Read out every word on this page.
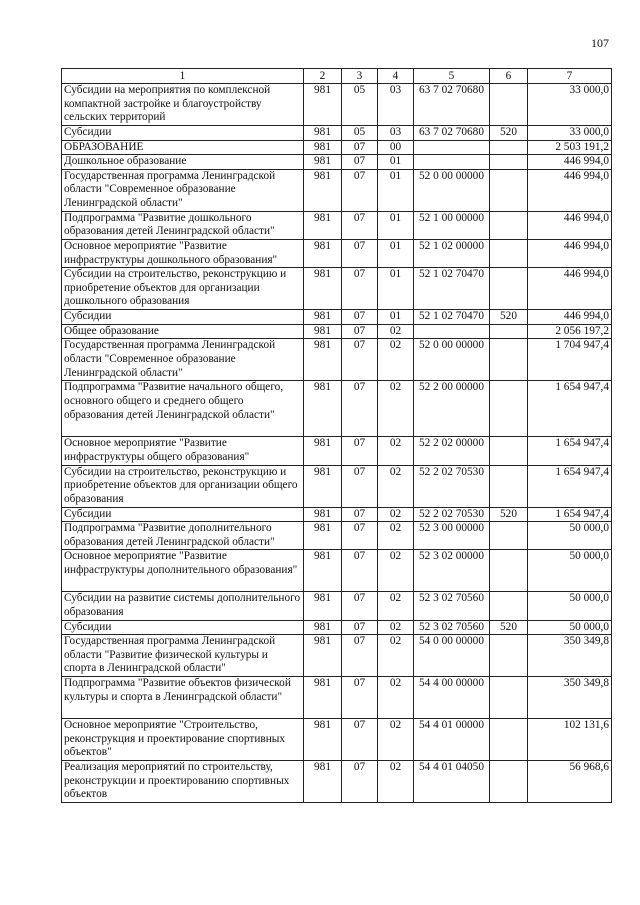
107
1	2	3	4	5	6	7
Субсидии на мероприятия по комплексной компактной застройке и благоустройству сельских территорий	981	05	03	63 7 02 70680		33 000,0
Субсидии	981	05	03	63 7 02 70680	520	33 000,0
ОБРАЗОВАНИЕ	981	07	00			2 503 191,2
Дошкольное образование	981	07	01			446 994,0
Государственная программа Ленинградской области "Современное образование Ленинградской области"	981	07	01	52 0 00 00000		446 994,0
Подпрограмма "Развитие дошкольного образования детей Ленинградской области"	981	07	01	52 1 00 00000		446 994,0
Основное мероприятие "Развитие инфраструктуры дошкольного образования"	981	07	01	52 1 02 00000		446 994,0
Субсидии на строительство, реконструкцию и приобретение объектов для организации дошкольного образования	981	07	01	52 1 02 70470		446 994,0
Субсидии	981	07	01	52 1 02 70470	520	446 994,0
Общее образование	981	07	02			2 056 197,2
Государственная программа Ленинградской области "Современное образование Ленинградской области"	981	07	02	52 0 00 00000		1 704 947,4
Подпрограмма "Развитие начального общего, основного общего и среднего общего образования детей Ленинградской области"	981	07	02	52 2 00 00000		1 654 947,4
Основное мероприятие "Развитие инфраструктуры общего образования"	981	07	02	52 2 02 00000		1 654 947,4
Субсидии на строительство, реконструкцию и приобретение объектов для организации общего образования	981	07	02	52 2 02 70530		1 654 947,4
Субсидии	981	07	02	52 2 02 70530	520	1 654 947,4
Подпрограмма "Развитие дополнительного образования детей Ленинградской области"	981	07	02	52 3 00 00000		50 000,0
Основное мероприятие "Развитие инфраструктуры дополнительного образования"	981	07	02	52 3 02 00000		50 000,0
Субсидии на развитие системы дополнительного образования	981	07	02	52 3 02 70560		50 000,0
Субсидии	981	07	02	52 3 02 70560	520	50 000,0
Государственная программа Ленинградской области "Развитие физической культуры и спорта в Ленинградской области"	981	07	02	54 0 00 00000		350 349,8
Подпрограмма "Развитие объектов физической культуры и спорта в Ленинградской области"	981	07	02	54 4 00 00000		350 349,8
Основное мероприятие "Строительство, реконструкция и проектирование спортивных объектов"	981	07	02	54 4 01 00000		102 131,6
Реализация мероприятий по строительству, реконструкции и проектированию спортивных объектов	981	07	02	54 4 01 04050		56 968,6
